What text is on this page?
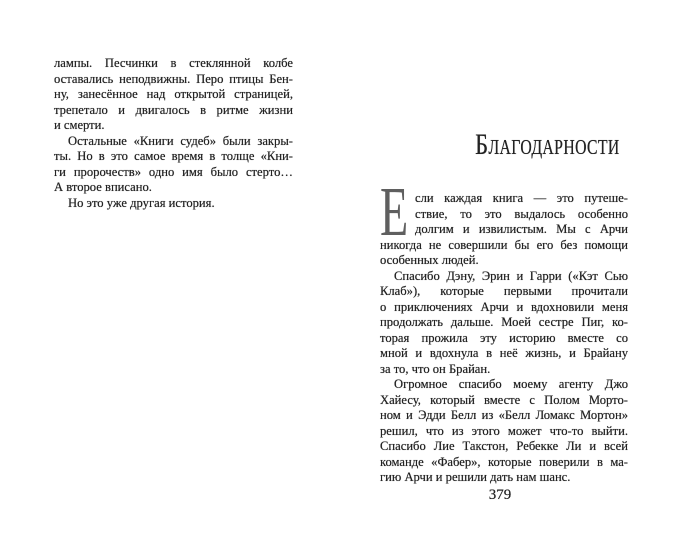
лампы. Песчинки в стеклянной колбе
оставались неподвижны. Перо птицы Бен-
ну, занесённое над открытой страницей,
трепетало и двигалось в ритме жизни
и смерти.
Остальные «Книги судеб» были закры-
ты. Но в это самое время в толще «Кни-
ги пророчеств» одно имя было стерто…
А второе вписано.
Но это уже другая история.
Благодарности
Е сли каждая книга — это путеше-
ствие, то это выдалось особенно
долгим и извилистым. Мы с Арчи
никогда не совершили бы его без помощи
особенных людей.
Спасибо Дэну, Эрин и Гарри («Кэт Сью
Клаб»), которые первыми прочитали
о приключениях Арчи и вдохновили меня
продолжать дальше. Моей сестре Пиг, ко-
торая прожила эту историю вместе со
мной и вдохнула в неё жизнь, и Брайану
за то, что он Брайан.
Огромное спасибо моему агенту Джо
Хайесу, который вместе с Полом Морто-
ном и Эдди Белл из «Белл Ломакс Мортон»
решил, что из этого может что-то выйти.
Спасибо Лие Такстон, Ребекке Ли и всей
команде «Фабер», которые поверили в ма-
гию Арчи и решили дать нам шанс.
379
